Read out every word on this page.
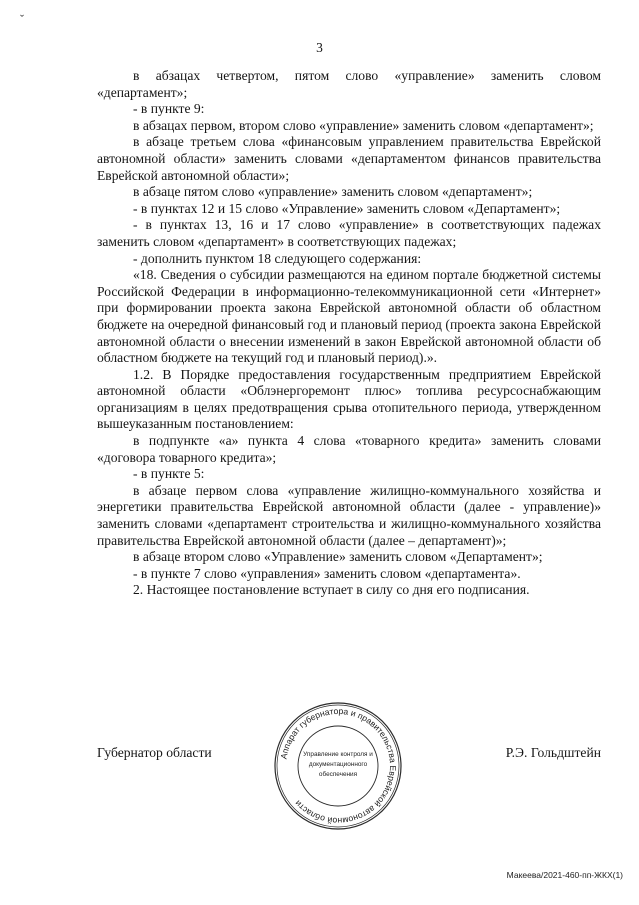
ˇ
3

в абзацах четвертом, пятом слово «управление» заменить словом «департамент»;

- в пункте 9:

в абзацах первом, втором слово «управление» заменить словом «департамент»;

в абзаце третьем слова «финансовым управлением правительства Еврейской автономной области» заменить словами «департаментом финансов правительства Еврейской автономной области»;

в абзаце пятом слово «управление» заменить словом «департамент»;

- в пунктах 12 и 15 слово «Управление» заменить словом «Департамент»;

- в пунктах 13, 16 и 17 слово «управление» в соответствующих падежах заменить словом «департамент» в соответствующих падежах;

- дополнить пунктом 18 следующего содержания:

«18. Сведения о субсидии размещаются на едином портале бюджетной системы Российской Федерации в информационно-телекоммуникационной сети «Интернет» при формировании проекта закона Еврейской автономной области об областном бюджете на очередной финансовый год и плановый период (проекта закона Еврейской автономной области о внесении изменений в закон Еврейской автономной области об областном бюджете на текущий год и плановый период).».

1.2. В Порядке предоставления государственным предприятием Еврейской автономной области «Облэнергоремонт плюс» топлива ресурсоснабжающим организациям в целях предотвращения срыва отопительного периода, утвержденном вышеуказанным постановлением:

в подпункте «а» пункта 4 слова «товарного кредита» заменить словами «договора товарного кредита»;

- в пункте 5:

в абзаце первом слова «управление жилищно-коммунального хозяйства и энергетики правительства Еврейской автономной области (далее - управление)» заменить словами «департамент строительства и жилищно-коммунального хозяйства правительства Еврейской автономной области (далее – департамент)»;

в абзаце втором слово «Управление» заменить словом «Департамент»;

- в пункте 7 слово «управления» заменить словом «департамента».

2. Настоящее постановление вступает в силу со дня его подписания.

Губернатор области	Р.Э. Гольдштейн
Аппарат губернатора и правительства Еврейской автономной области
Управление контроля и
документационного
обеспечения
Макеева/2021-460-пп-ЖКХ(1)
